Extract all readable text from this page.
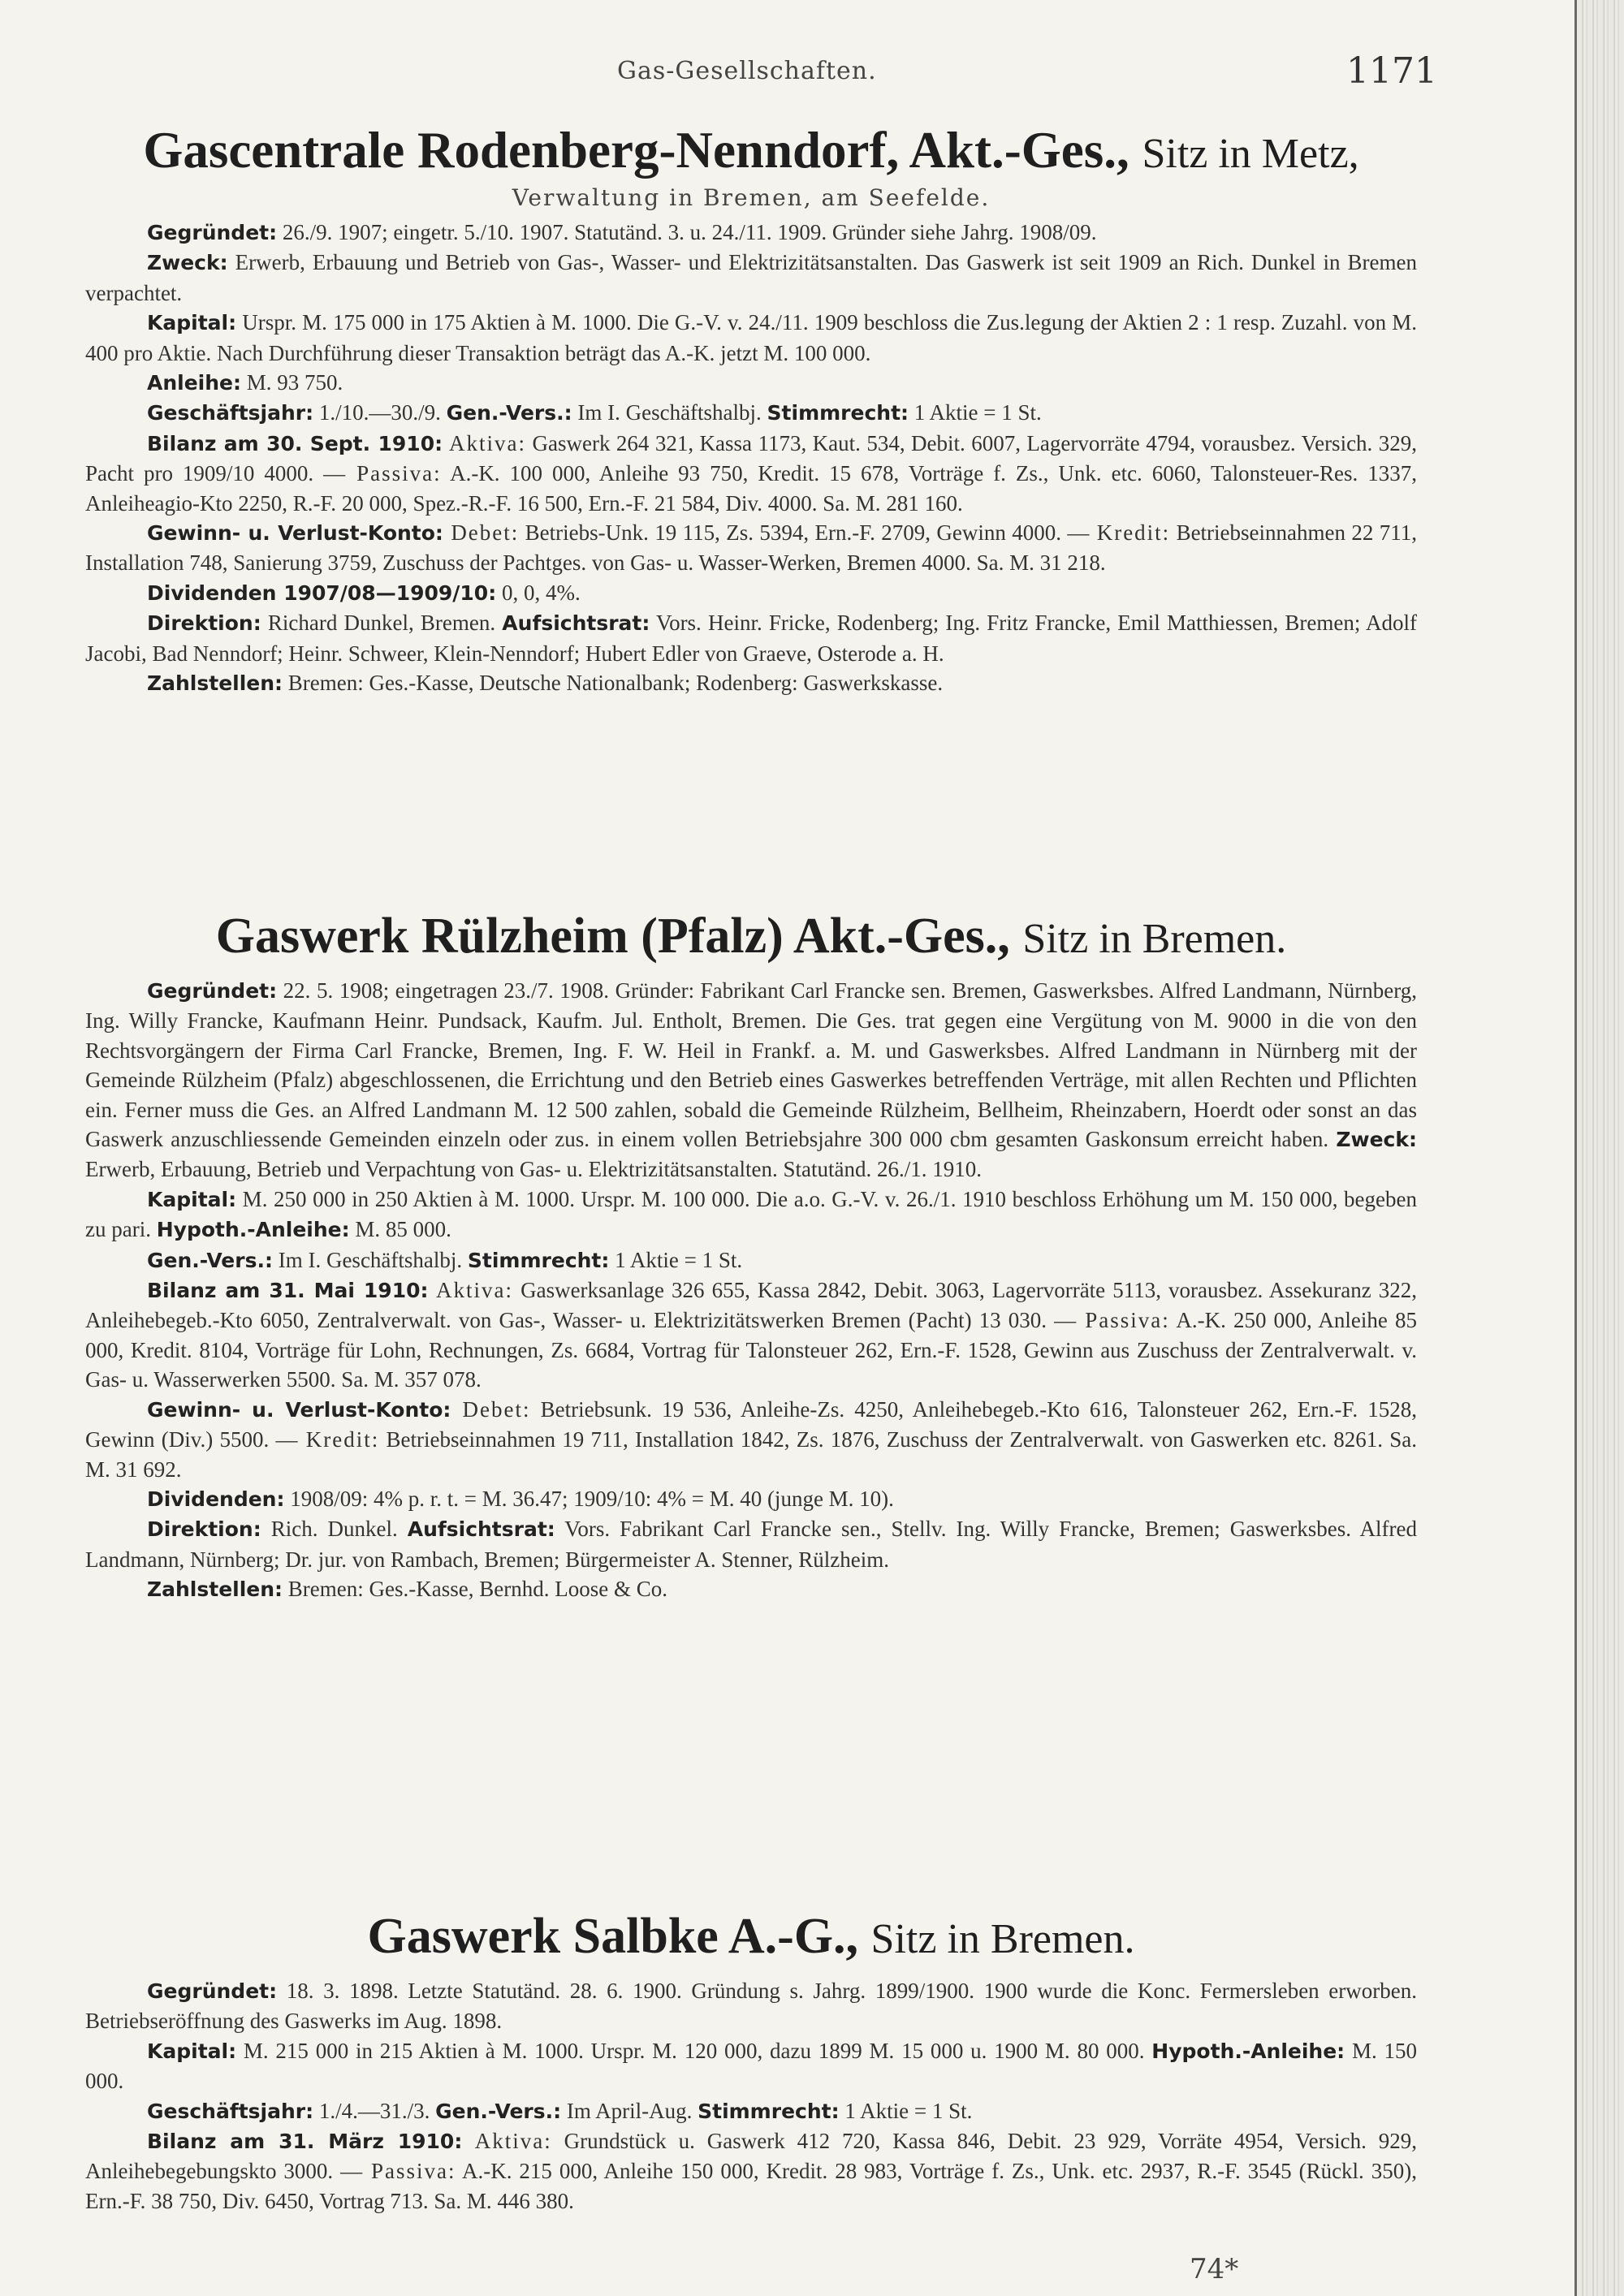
Gas-Gesellschaften.	1171
Gascentrale Rodenberg-Nenndorf, Akt.-Ges., Sitz in Metz,
Verwaltung in Bremen, am Seefelde.

Gegründet: 26./9. 1907; eingetr. 5./10. 1907. Statutänd. 3. u. 24./11. 1909. Gründer siehe Jahrg. 1908/09.

Zweck: Erwerb, Erbauung und Betrieb von Gas-, Wasser- und Elektrizitätsanstalten. Das Gaswerk ist seit 1909 an Rich. Dunkel in Bremen verpachtet.

Kapital: Urspr. M. 175 000 in 175 Aktien à M. 1000. Die G.-V. v. 24./11. 1909 beschloss die Zus.legung der Aktien 2 : 1 resp. Zuzahl. von M. 400 pro Aktie. Nach Durchführung dieser Transaktion beträgt das A.-K. jetzt M. 100 000.

Anleihe: M. 93 750.

Geschäftsjahr: 1./10.—30./9. Gen.-Vers.: Im I. Geschäftshalbj. Stimmrecht: 1 Aktie = 1 St.

Bilanz am 30. Sept. 1910: Aktiva: Gaswerk 264 321, Kassa 1173, Kaut. 534, Debit. 6007, Lagervorräte 4794, vorausbez. Versich. 329, Pacht pro 1909/10 4000. — Passiva: A.-K. 100 000, Anleihe 93 750, Kredit. 15 678, Vorträge f. Zs., Unk. etc. 6060, Talonsteuer-Res. 1337, Anleiheagio-Kto 2250, R.-F. 20 000, Spez.-R.-F. 16 500, Ern.-F. 21 584, Div. 4000. Sa. M. 281 160.

Gewinn- u. Verlust-Konto: Debet: Betriebs-Unk. 19 115, Zs. 5394, Ern.-F. 2709, Gewinn 4000. — Kredit: Betriebseinnahmen 22 711, Installation 748, Sanierung 3759, Zuschuss der Pachtges. von Gas- u. Wasser-Werken, Bremen 4000. Sa. M. 31 218.

Dividenden 1907/08—1909/10: 0, 0, 4%.

Direktion: Richard Dunkel, Bremen. Aufsichtsrat: Vors. Heinr. Fricke, Rodenberg; Ing. Fritz Francke, Emil Matthiessen, Bremen; Adolf Jacobi, Bad Nenndorf; Heinr. Schweer, Klein-Nenndorf; Hubert Edler von Graeve, Osterode a. H.

Zahlstellen: Bremen: Ges.-Kasse, Deutsche Nationalbank; Rodenberg: Gaswerkskasse.

Gaswerk Rülzheim (Pfalz) Akt.-Ges., Sitz in Bremen.

Gegründet: 22. 5. 1908; eingetragen 23./7. 1908. Gründer: Fabrikant Carl Francke sen. Bremen, Gaswerksbes. Alfred Landmann, Nürnberg, Ing. Willy Francke, Kaufmann Heinr. Pundsack, Kaufm. Jul. Entholt, Bremen. Die Ges. trat gegen eine Vergütung von M. 9000 in die von den Rechtsvorgängern der Firma Carl Francke, Bremen, Ing. F. W. Heil in Frankf. a. M. und Gaswerksbes. Alfred Landmann in Nürnberg mit der Gemeinde Rülzheim (Pfalz) abgeschlossenen, die Errichtung und den Betrieb eines Gaswerkes betreffenden Verträge, mit allen Rechten und Pflichten ein. Ferner muss die Ges. an Alfred Landmann M. 12 500 zahlen, sobald die Gemeinde Rülzheim, Bellheim, Rheinzabern, Hoerdt oder sonst an das Gaswerk anzuschliessende Gemeinden einzeln oder zus. in einem vollen Betriebsjahre 300 000 cbm gesamten Gaskonsum erreicht haben. Zweck: Erwerb, Erbauung, Betrieb und Verpachtung von Gas- u. Elektrizitätsanstalten. Statutänd. 26./1. 1910.

Kapital: M. 250 000 in 250 Aktien à M. 1000. Urspr. M. 100 000. Die a.o. G.-V. v. 26./1. 1910 beschloss Erhöhung um M. 150 000, begeben zu pari. Hypoth.-Anleihe: M. 85 000.

Gen.-Vers.: Im I. Geschäftshalbj. Stimmrecht: 1 Aktie = 1 St.

Bilanz am 31. Mai 1910: Aktiva: Gaswerksanlage 326 655, Kassa 2842, Debit. 3063, Lagervorräte 5113, vorausbez. Assekuranz 322, Anleihebegeb.-Kto 6050, Zentralverwalt. von Gas-, Wasser- u. Elektrizitätswerken Bremen (Pacht) 13 030. — Passiva: A.-K. 250 000, Anleihe 85 000, Kredit. 8104, Vorträge für Lohn, Rechnungen, Zs. 6684, Vortrag für Talonsteuer 262, Ern.-F. 1528, Gewinn aus Zuschuss der Zentralverwalt. v. Gas- u. Wasserwerken 5500. Sa. M. 357 078.

Gewinn- u. Verlust-Konto: Debet: Betriebsunk. 19 536, Anleihe-Zs. 4250, Anleihebegeb.-Kto 616, Talonsteuer 262, Ern.-F. 1528, Gewinn (Div.) 5500. — Kredit: Betriebseinnahmen 19 711, Installation 1842, Zs. 1876, Zuschuss der Zentralverwalt. von Gaswerken etc. 8261. Sa. M. 31 692.

Dividenden: 1908/09: 4% p. r. t. = M. 36.47; 1909/10: 4% = M. 40 (junge M. 10).

Direktion: Rich. Dunkel. Aufsichtsrat: Vors. Fabrikant Carl Francke sen., Stellv. Ing. Willy Francke, Bremen; Gaswerksbes. Alfred Landmann, Nürnberg; Dr. jur. von Rambach, Bremen; Bürgermeister A. Stenner, Rülzheim.

Zahlstellen: Bremen: Ges.-Kasse, Bernhd. Loose & Co.

Gaswerk Salbke A.-G., Sitz in Bremen.

Gegründet: 18. 3. 1898. Letzte Statutänd. 28. 6. 1900. Gründung s. Jahrg. 1899/1900. 1900 wurde die Konc. Fermersleben erworben. Betriebseröffnung des Gaswerks im Aug. 1898.

Kapital: M. 215 000 in 215 Aktien à M. 1000. Urspr. M. 120 000, dazu 1899 M. 15 000 u. 1900 M. 80 000. Hypoth.-Anleihe: M. 150 000.

Geschäftsjahr: 1./4.—31./3. Gen.-Vers.: Im April-Aug. Stimmrecht: 1 Aktie = 1 St.

Bilanz am 31. März 1910: Aktiva: Grundstück u. Gaswerk 412 720, Kassa 846, Debit. 23 929, Vorräte 4954, Versich. 929, Anleihebegebungskto 3000. — Passiva: A.-K. 215 000, Anleihe 150 000, Kredit. 28 983, Vorträge f. Zs., Unk. etc. 2937, R.-F. 3545 (Rückl. 350), Ern.-F. 38 750, Div. 6450, Vortrag 713. Sa. M. 446 380.

74*
